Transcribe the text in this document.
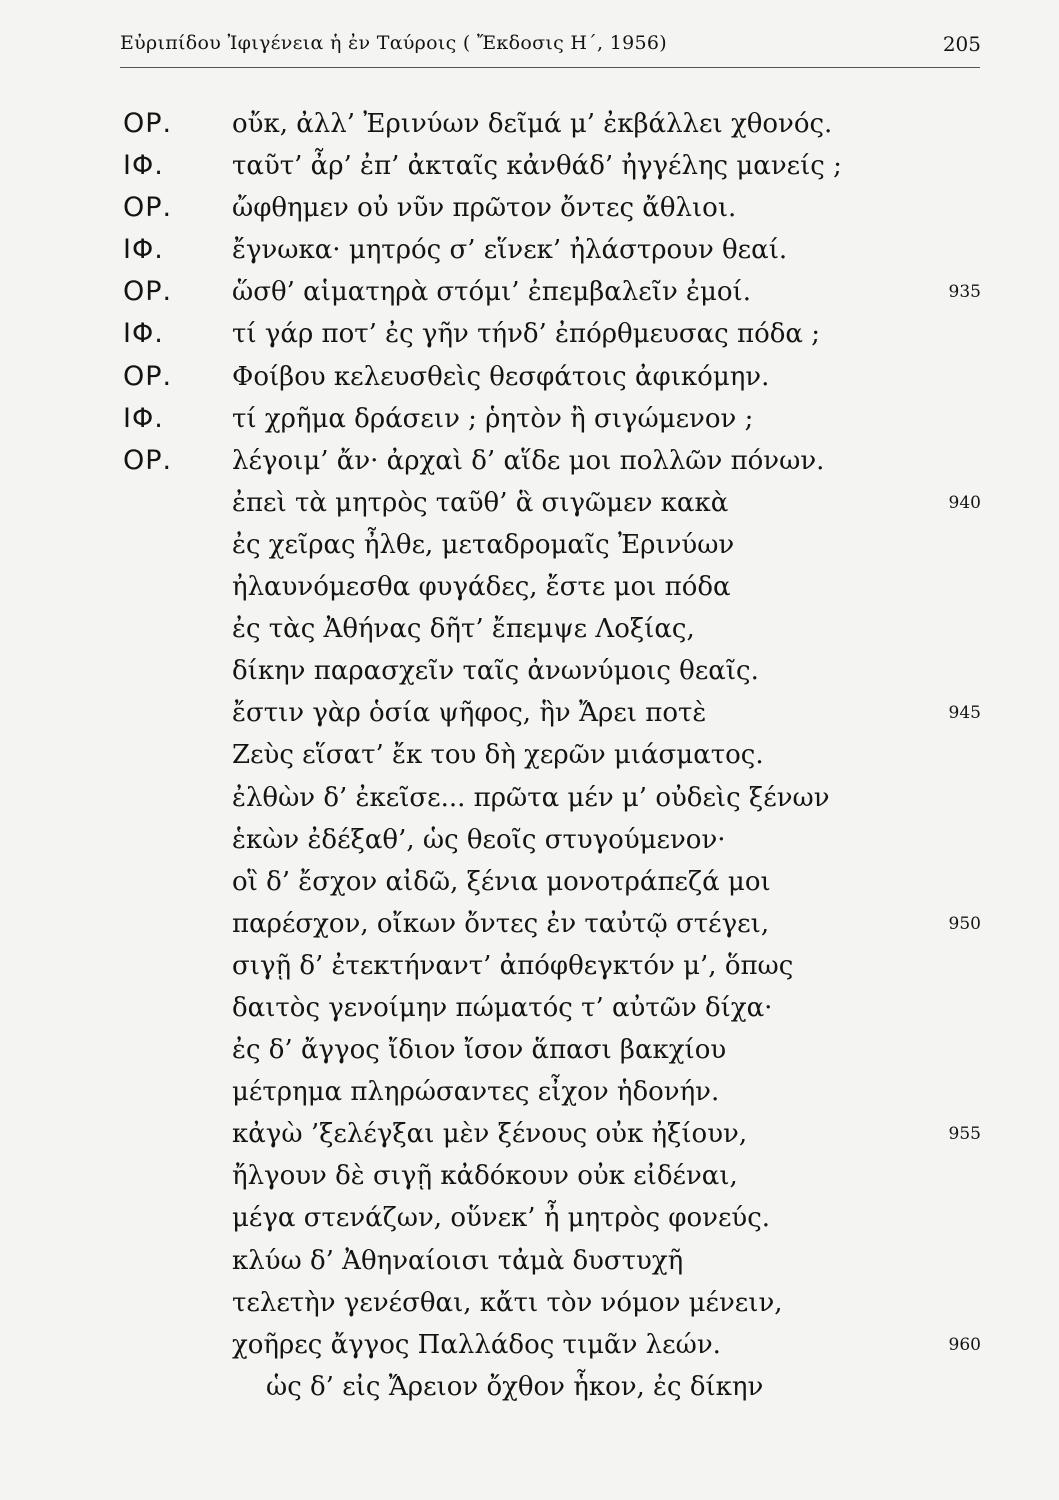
Εὐριπίδου Ἰφιγένεια ἡ ἐν Ταύροις ( Ἔκδοσις Η΄, 1956)	205
ΟΡ. οὔκ, ἀλλ’ Ἐρινύων δεῖμά μ’ ἐκβάλλει χθονός.
ΙΦ.	ταῦτ’ ἆρ’ ἐπ’ ἀκταῖς κἀνθάδ’ ἠγγέλης μανείς ;
ΟΡ. ὤφθημεν οὐ νῦν πρῶτον ὄντες ἄθλιοι.
ΙΦ.	ἔγνωκα· μητρός σ’ εἵνεκ’ ἠλάστρουν θεαί.
ΟΡ. ὥσθ’ αἱματηρὰ στόμι’ ἐπεμβαλεῖν ἐμοί.	935
ΙΦ.	τί γάρ ποτ’ ἐς γῆν τήνδ’ ἐπόρθμευσας πόδα ;
ΟΡ. Φοίβου κελευσθεὶς θεσφάτοις ἀφικόμην.
ΙΦ.	τί χρῆμα δράσειν ; ῥητὸν ἢ σιγώμενον ;
ΟΡ. λέγοιμ’ ἄν· ἀρχαὶ δ’ αἵδε μοι πολλῶν πόνων.
ἐπεὶ τὰ μητρὸς ταῦθ’ ἃ σιγῶμεν κακὰ	940
ἐς χεῖρας ἦλθε, μεταδρομαῖς Ἐρινύων
ἠλαυνόμεσθα φυγάδες, ἔστε μοι πόδα
ἐς τὰς Ἀθήνας δῆτ’ ἔπεμψε Λοξίας,
δίκην παρασχεῖν ταῖς ἀνωνύμοις θεαῖς.
ἔστιν γὰρ ὁσία ψῆφος, ἣν Ἄρει ποτὲ	945
Ζεὺς εἵσατ’ ἔκ του δὴ χερῶν μιάσματος.
ἐλθὼν δ’ ἐκεῖσε... πρῶτα μέν μ’ οὐδεὶς ξένων
ἑκὼν ἐδέξαθ’, ὡς θεοῖς στυγούμενον·
οἳ δ’ ἔσχον αἰδῶ, ξένια μονοτράπεζά μοι
παρέσχον, οἴκων ὄντες ἐν ταὐτῷ στέγει,	950
σιγῇ δ’ ἐτεκτήναντ’ ἀπόφθεγκτόν μ’, ὅπως
δαιτὸς γενοίμην πώματός τ’ αὐτῶν δίχα·
ἐς δ’ ἄγγος ἴδιον ἴσον ἅπασι βακχίου
μέτρημα πληρώσαντες εἶχον ἡδονήν.
κἀγὼ ’ξελέγξαι μὲν ξένους οὐκ ἠξίουν,	955
ἤλγουν δὲ σιγῇ κἀδόκουν οὐκ εἰδέναι,
μέγα στενάζων, οὕνεκ’ ἦ μητρὸς φονεύς.
κλύω δ’ Ἀθηναίοισι τἀμὰ δυστυχῆ
τελετὴν γενέσθαι, κἄτι τὸν νόμον μένειν,
χοῆρες ἄγγος Παλλάδος τιμᾶν λεών.	960
ὡς δ’ εἰς Ἄρειον ὄχθον ἧκον, ἐς δίκην
